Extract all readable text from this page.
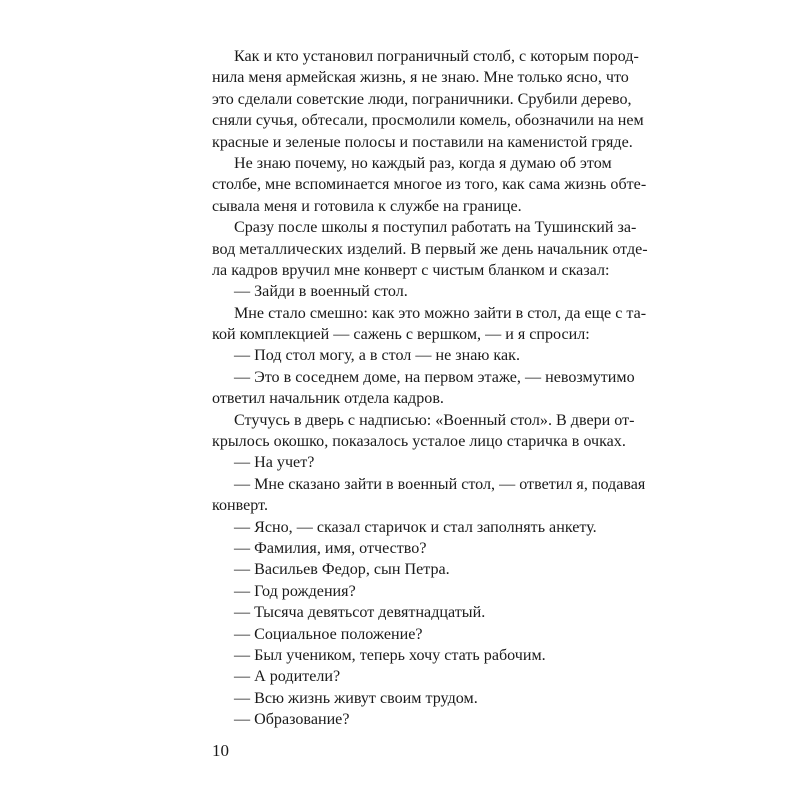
Как и кто установил пограничный столб, с которым пород-
нила меня армейская жизнь, я не знаю. Мне только ясно, что
это сделали советские люди, пограничники. Срубили дерево,
сняли сучья, обтесали, просмолили комель, обозначили на нем
красные и зеленые полосы и поставили на каменистой гряде.
Не знаю почему, но каждый раз, когда я думаю об этом
столбе, мне вспоминается многое из того, как сама жизнь обте-
сывала меня и готовила к службе на границе.
Сразу после школы я поступил работать на Тушинский за-
вод металлических изделий. В первый же день начальник отде-
ла кадров вручил мне конверт с чистым бланком и сказал:
— Зайди в военный стол.
Мне стало смешно: как это можно зайти в стол, да еще с та-
кой комплекцией — сажень с вершком, — и я спросил:
— Под стол могу, а в стол — не знаю как.
— Это в соседнем доме, на первом этаже, — невозмутимо
ответил начальник отдела кадров.
Стучусь в дверь с надписью: «Военный стол». В двери от-
крылось окошко, показалось усталое лицо старичка в очках.
— На учет?
— Мне сказано зайти в военный стол, — ответил я, подавая
конверт.
— Ясно, — сказал старичок и стал заполнять анкету.
— Фамилия, имя, отчество?
— Васильев Федор, сын Петра.
— Год рождения?
— Тысяча девятьсот девятнадцатый.
— Социальное положение?
— Был учеником, теперь хочу стать рабочим.
— А родители?
— Всю жизнь живут своим трудом.
— Образование?
10
